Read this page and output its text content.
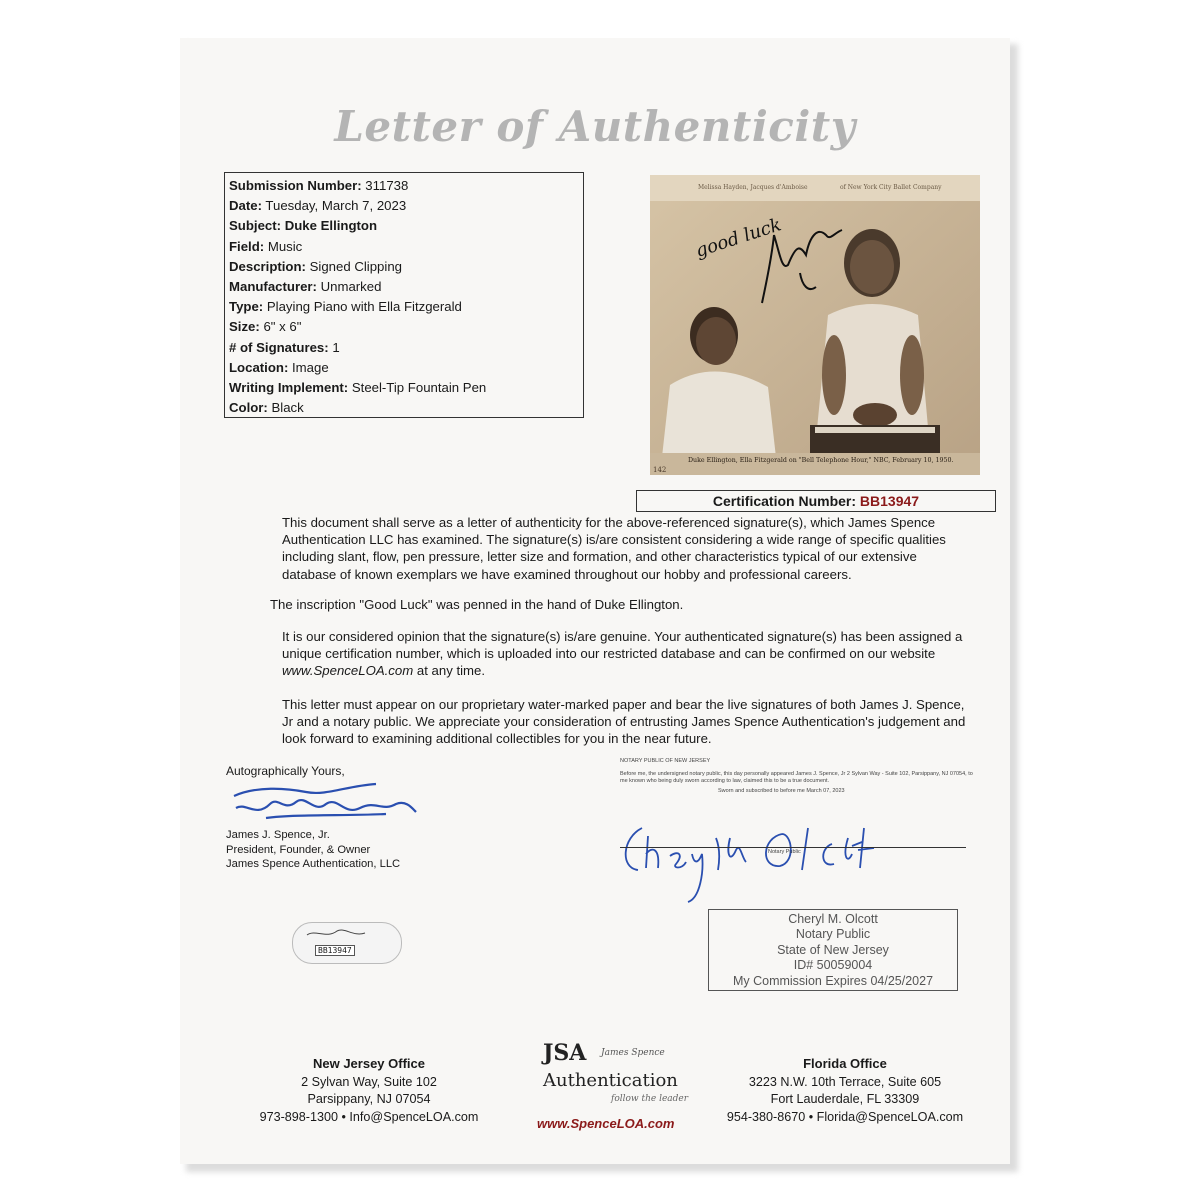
Letter of Authenticity
Submission Number: 311738
Date: Tuesday, March 7, 2023
Subject: Duke Ellington
Field: Music
Description: Signed Clipping
Manufacturer: Unmarked
Type: Playing Piano with Ella Fitzgerald
Size: 6" x 6"
# of Signatures: 1
Location: Image
Writing Implement: Steel-Tip Fountain Pen
Color: Black
Melissa Hayden, Jacques d'Amboise	of New York City Ballet Company
Duke Ellington, Ella Fitzgerald on "Bell Telephone Hour," NBC, February 10, 1950.
142
good luck
Certification Number: BB13947
This document shall serve as a letter of authenticity for the above-referenced signature(s), which James Spence Authentication LLC has examined. The signature(s) is/are consistent considering a wide range of specific qualities including slant, flow, pen pressure, letter size and formation, and other characteristics typical of our extensive database of known exemplars we have examined throughout our hobby and professional careers.
The inscription "Good Luck" was penned in the hand of Duke Ellington.
It is our considered opinion that the signature(s) is/are genuine. Your authenticated signature(s) has been assigned a unique certification number, which is uploaded into our restricted database and can be confirmed on our website www.SpenceLOA.com at any time.
This letter must appear on our proprietary water-marked paper and bear the live signatures of both James J. Spence, Jr and a notary public. We appreciate your consideration of entrusting James Spence Authentication's judgement and look forward to examining additional collectibles for you in the near future.
Autographically Yours,
James J. Spence, Jr.
President, Founder, & Owner
James Spence Authentication, LLC
NOTARY PUBLIC OF NEW JERSEY
Before me, the undersigned notary public, this day personally appeared James J. Spence, Jr 2 Sylvan Way - Suite 102, Parsippany, NJ 07054, to me known who being duly sworn according to law, claimed this to be a true document.
Sworn and subscribed to before me March 07, 2023
Notary Public
Cheryl M. Olcott
Notary Public
State of New Jersey
ID# 50059004
My Commission Expires 04/25/2027
BB13947
New Jersey Office
2 Sylvan Way, Suite 102
Parsippany, NJ 07054
973-898-1300 • Info@SpenceLOA.com
Florida Office
3223 N.W. 10th Terrace, Suite 605
Fort Lauderdale, FL 33309
954-380-8670 • Florida@SpenceLOA.com
JSA James Spence
Authentication
follow the leader
www.SpenceLOA.com
